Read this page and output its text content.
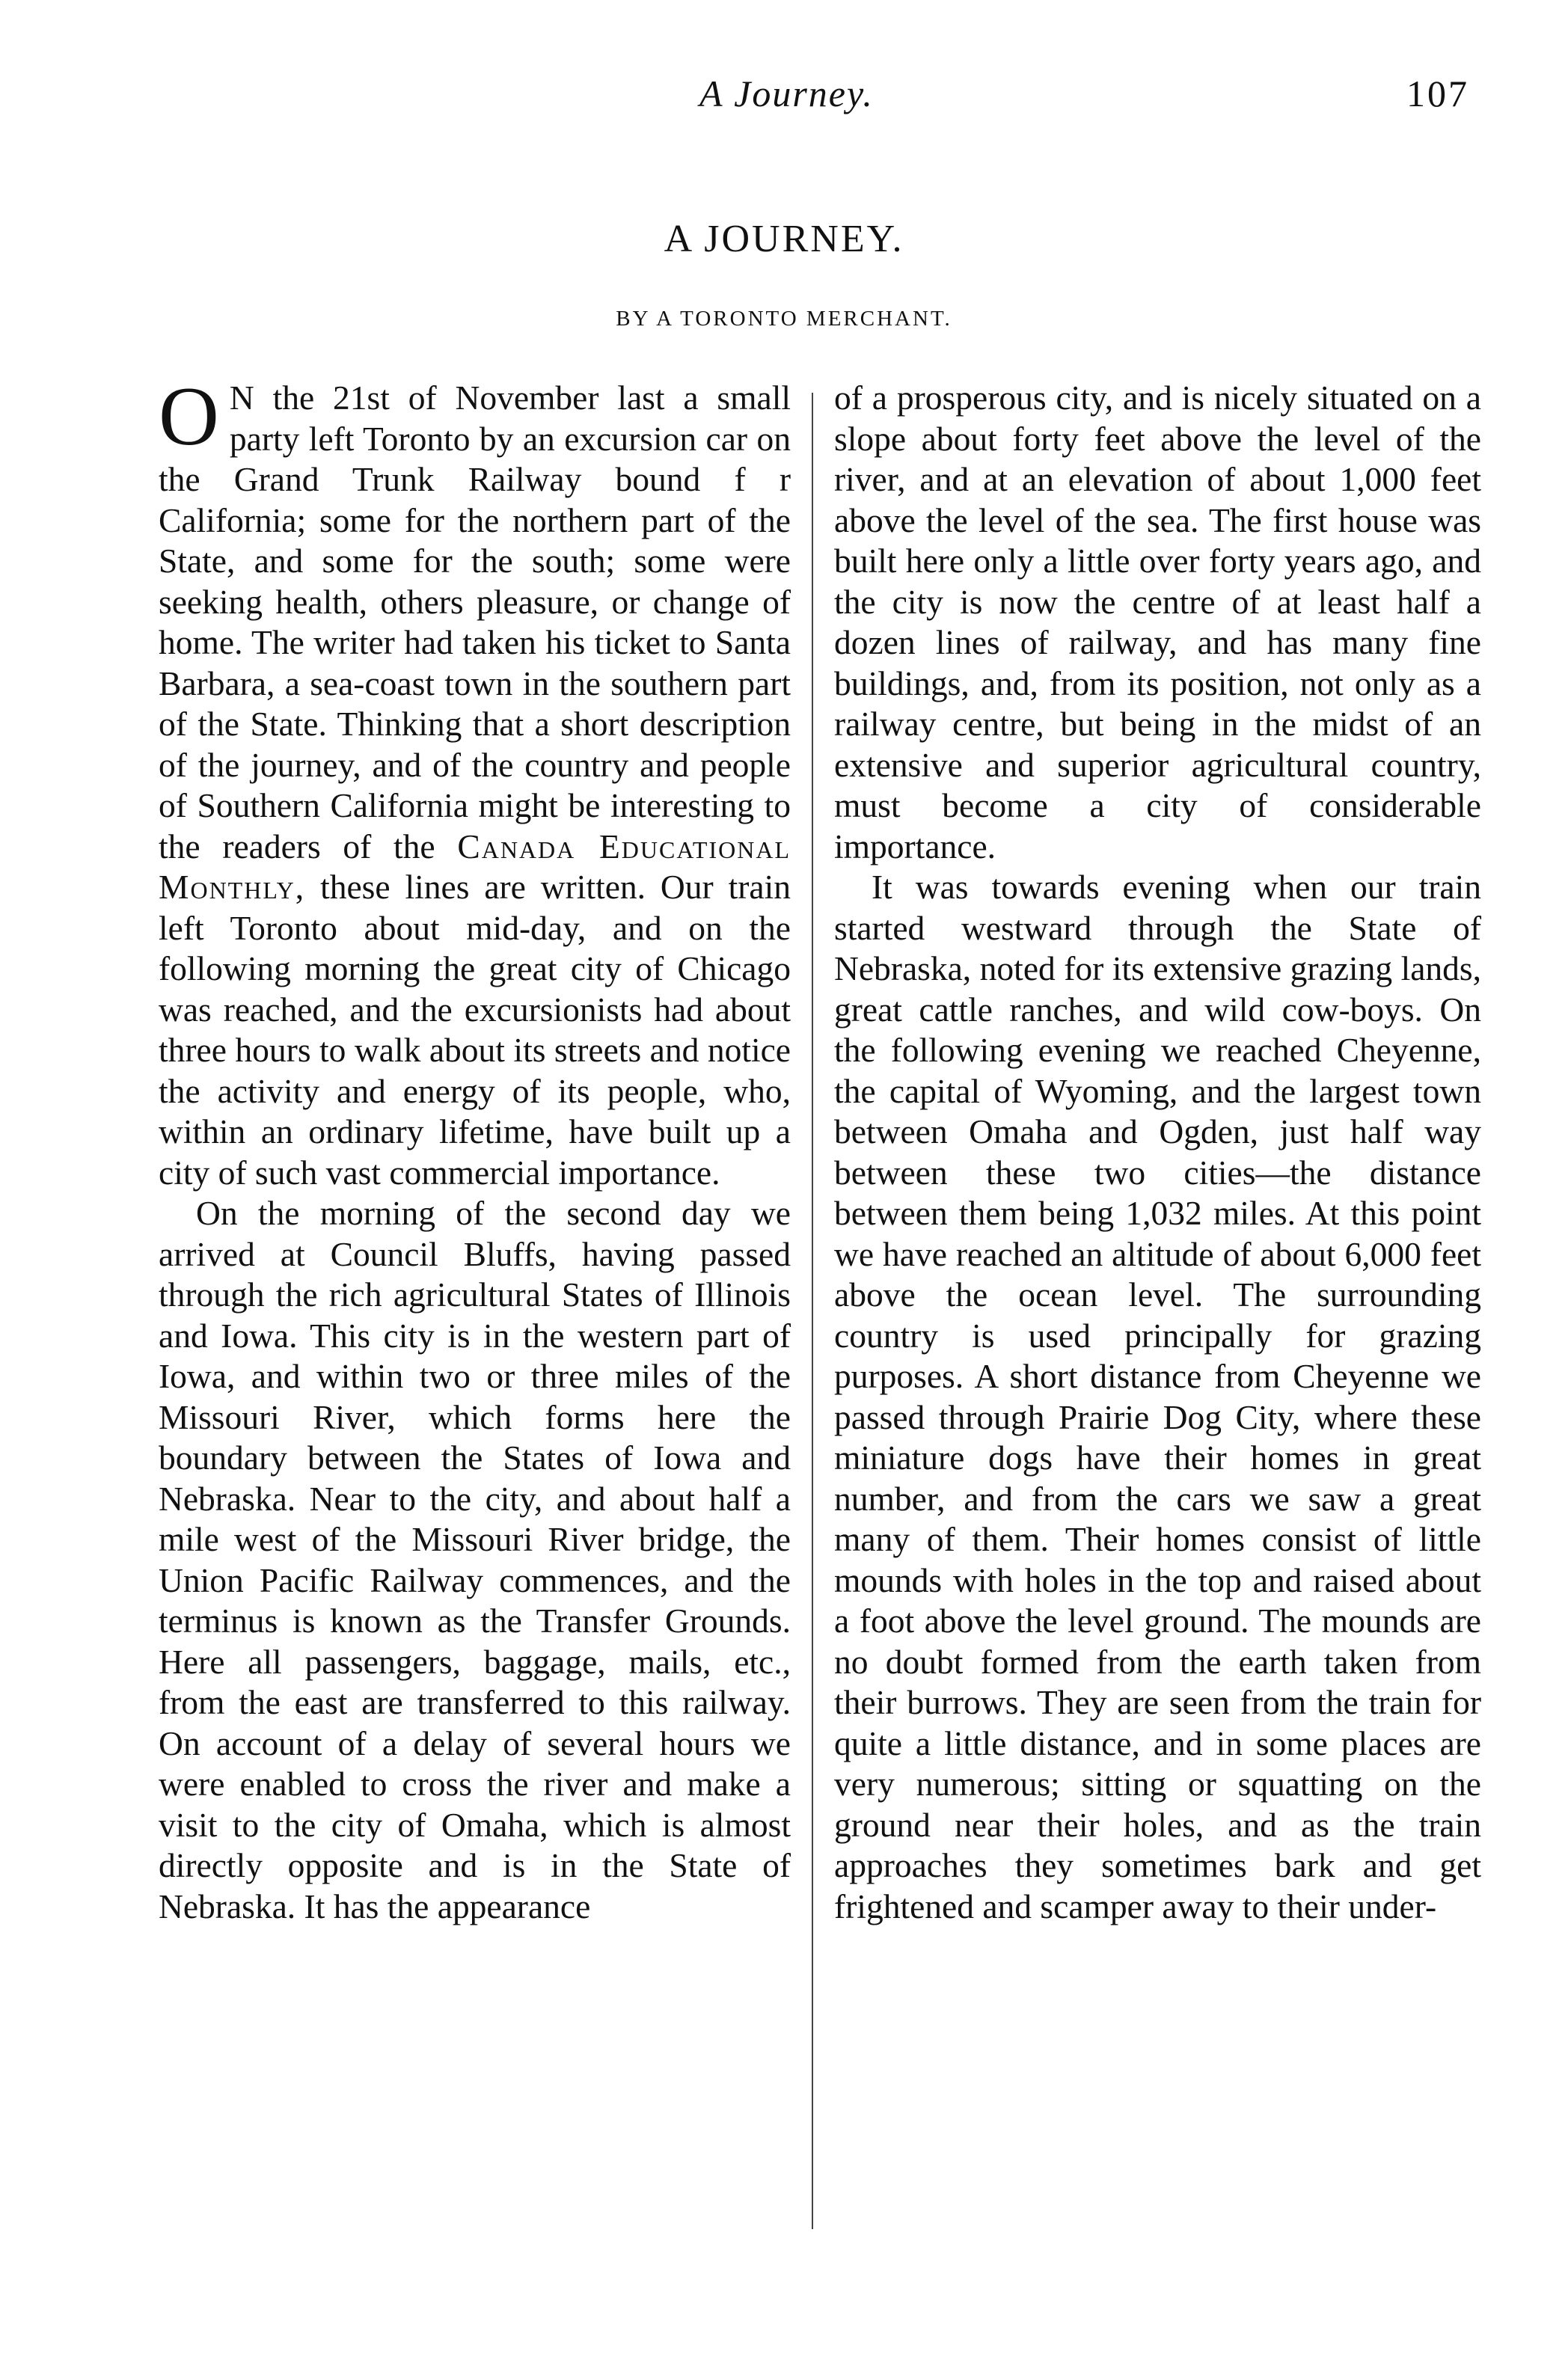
A Journey.	107
A JOURNEY.
BY A TORONTO MERCHANT.

O N the 21st of November last a small party left Toronto by an excursion car on the Grand Trunk Railway bound f r California; some for the northern part of the State, and some for the south; some were seeking health, others pleasure, or change of home. The writer had taken his ticket to Santa Barbara, a sea-coast town in the southern part of the State. Thinking that a short description of the journey, and of the country and people of Southern California might be interesting to the readers of the Canada Educational Monthly, these lines are written. Our train left Toronto about mid-day, and on the following morning the great city of Chicago was reached, and the excursionists had about three hours to walk about its streets and notice the activity and energy of its people, who, within an ordinary lifetime, have built up a city of such vast commercial importance.

On the morning of the second day we arrived at Council Bluffs, having passed through the rich agricultural States of Illinois and Iowa. This city is in the western part of Iowa, and within two or three miles of the Missouri River, which forms here the boundary between the States of Iowa and Nebraska. Near to the city, and about half a mile west of the Missouri River bridge, the Union Pacific Railway commences, and the terminus is known as the Transfer Grounds. Here all passengers, baggage, mails, etc., from the east are transferred to this railway. On account of a delay of several hours we were enabled to cross the river and make a visit to the city of Omaha, which is almost directly opposite and is in the State of Nebraska. It has the appearance

of a prosperous city, and is nicely situated on a slope about forty feet above the level of the river, and at an elevation of about 1,000 feet above the level of the sea. The first house was built here only a little over forty years ago, and the city is now the centre of at least half a dozen lines of railway, and has many fine buildings, and, from its position, not only as a railway centre, but being in the midst of an extensive and superior agricultural country, must become a city of considerable importance.

It was towards evening when our train started westward through the State of Nebraska, noted for its extensive grazing lands, great cattle ranches, and wild cow-boys. On the following evening we reached Cheyenne, the capital of Wyoming, and the largest town between Omaha and Ogden, just half way between these two cities—the distance between them being 1,032 miles. At this point we have reached an altitude of about 6,000 feet above the ocean level. The surrounding country is used principally for grazing purposes. A short distance from Cheyenne we passed through Prairie Dog City, where these miniature dogs have their homes in great number, and from the cars we saw a great many of them. Their homes consist of little mounds with holes in the top and raised about a foot above the level ground. The mounds are no doubt formed from the earth taken from their burrows. They are seen from the train for quite a little distance, and in some places are very numerous; sitting or squatting on the ground near their holes, and as the train approaches they sometimes bark and get frightened and scamper away to their under-
